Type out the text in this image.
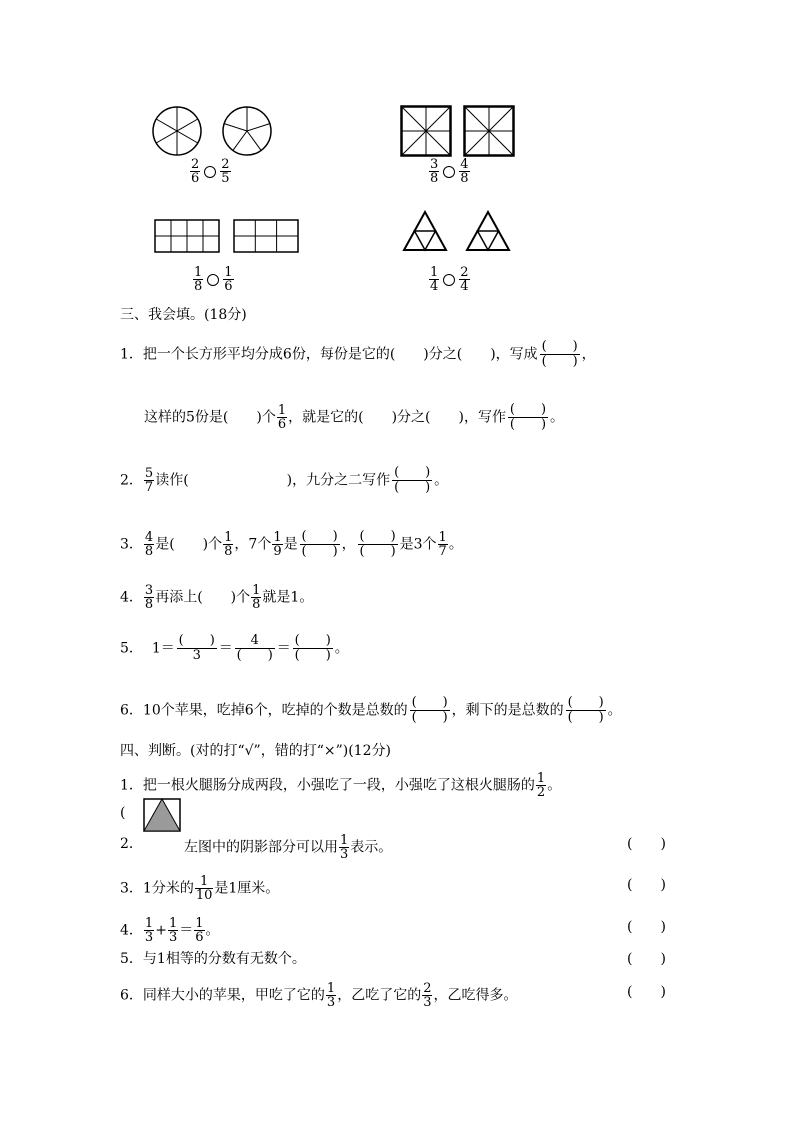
$\frac{2}{6} \frac{2}{5}$	$\frac{3}{8} \frac{4}{8}$
$\frac{1}{8} \frac{1}{6}$	$\frac{1}{4} \frac{2}{4}$
三、我会填。(18分)
1．把一个长方形平均分成6份，每份是它的(　　)分之(　　)，写成 $\frac{( )}{( )}$ ，
这样的5份是(　　)个 $\frac{1}{6}$ ，就是它的(　　)分之(　　)，写作 $\frac{( )}{( )}$ 。
2． $\frac{5}{7}$ 读作(　　　　　　　)，九分之二写作 $\frac{( )}{( )}$ 。
3． $\frac{4}{8}$ 是(　　)个 $\frac{1}{8}$ ，7个 $\frac{1}{9}$ 是 $\frac{( )}{( )}$ ， $\frac{( )}{( )}$ 是3个 $\frac{1}{7}$ 。
4． $\frac{3}{8}$ 再添上(　　)个 $\frac{1}{8}$ 就是1。
5． $1= \frac{( )}{3} = \frac{4}{( )} = \frac{( )}{( )}$ 。
6．10个苹果，吃掉6个，吃掉的个数是总数的 $\frac{( )}{( )}$ ，剩下的是总数的 $\frac{( )}{( )}$ 。
四、判断。(对的打“√”，错的打“×”)(12分)
1．把一根火腿肠分成两段，小强吃了一段，小强吃了这根火腿肠的 $\frac{1}{2}$ 。
(
2．	左图中的阴影部分可以用 $\frac{1}{3}$ 表示。	(　　)
3．1分米的 $\frac{1}{10}$ 是1厘米。	(　　)
4． $\frac{1}{3} + \frac{1}{3} = \frac{1}{6}$ 。	(　　)
5．与1相等的分数有无数个。	(　　)
6．同样大小的苹果，甲吃了它的 $\frac{1}{3}$ ，乙吃了它的 $\frac{2}{3}$ ，乙吃得多。	(　　)
